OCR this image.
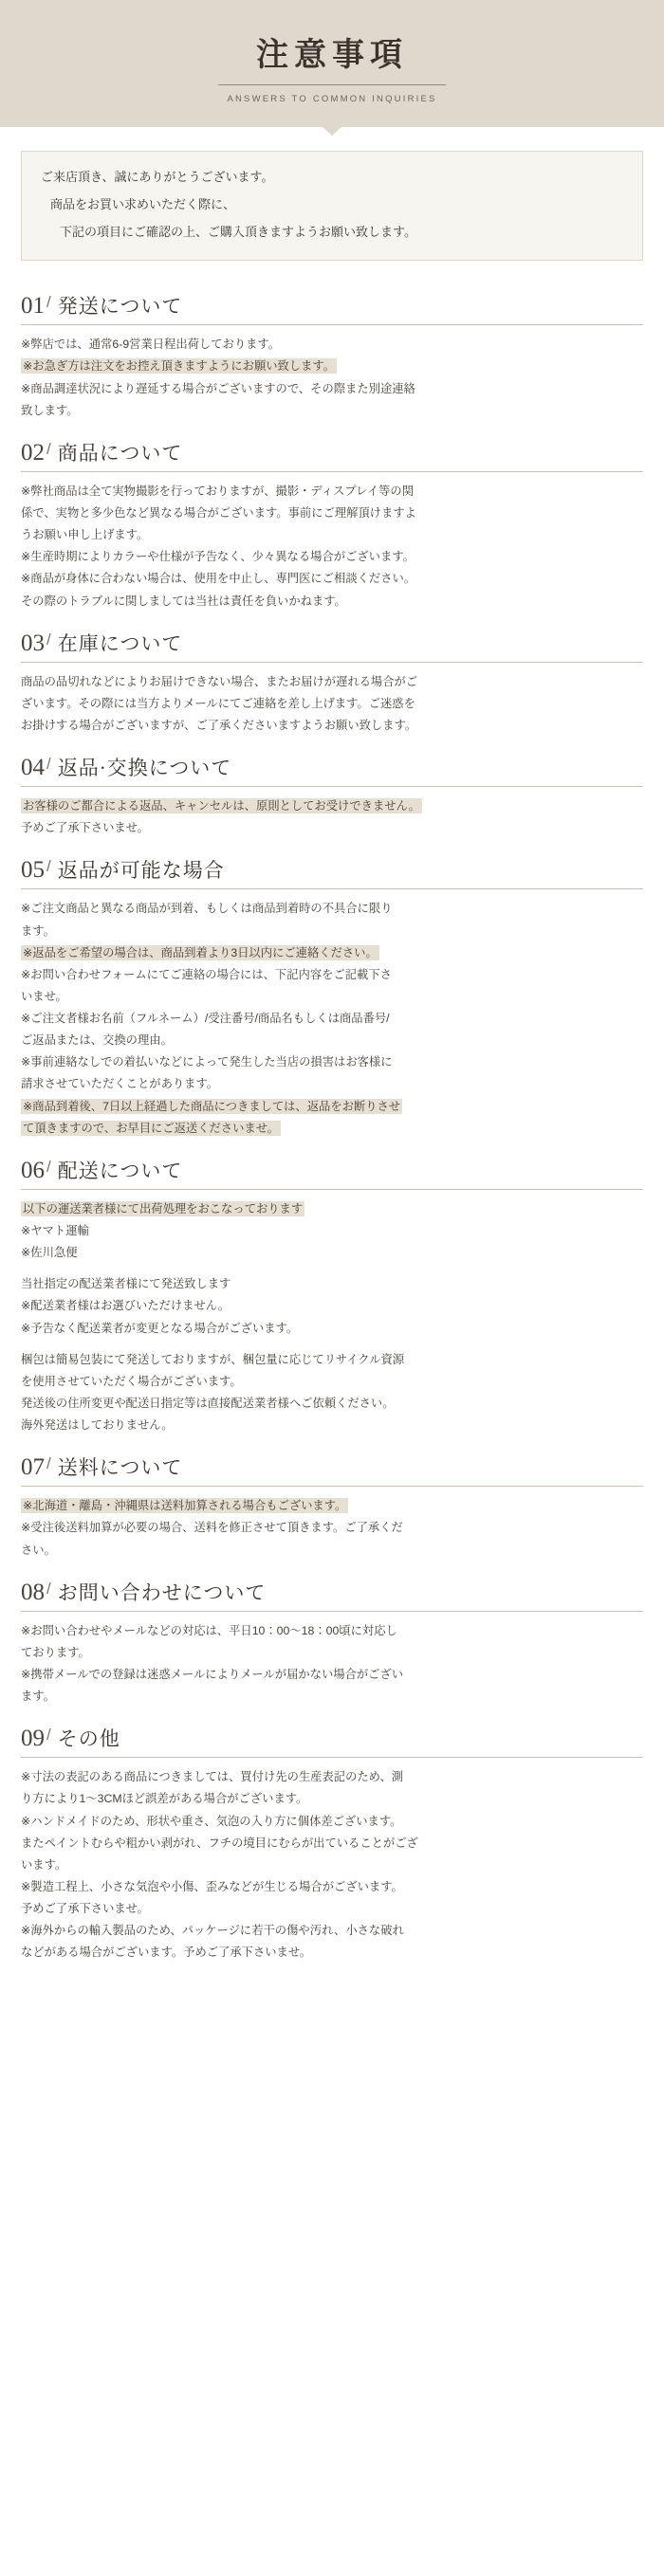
注意事項

ANSWERS TO COMMON INQUIRIES

ご来店頂き、誠にありがとうございます。

商品をお買い求めいただく際に、

下記の項目にご確認の上、ご購入頂きますようお願い致します。

01 / 発送について

※弊店では、通常6-9営業日程出荷しております。

※お急ぎ方は注文をお控え頂きますようにお願い致します。

※商品調達状況により遅延する場合がございますので、その際また別途連絡

致します。

02 / 商品について

※弊社商品は全て実物撮影を行っておりますが、撮影・ディスプレイ等の関

係で、実物と多少色など異なる場合がございます。事前にご理解頂けますよ

うお願い申し上げます。

※生産時期によりカラーや仕様が予告なく、少々異なる場合がございます。

※商品が身体に合わない場合は、使用を中止し、専門医にご相談ください。

その際のトラブルに関しましては当社は責任を負いかねます。

03 / 在庫について

商品の品切れなどによりお届けできない場合、またお届けが遅れる場合がご

ざいます。その際には当方よりメールにてご連絡を差し上げます。ご迷惑を

お掛けする場合がございますが、ご了承くださいますようお願い致します。

04 / 返品·交換について

お客様のご都合による返品、キャンセルは、原則としてお受けできません。

予めご了承下さいませ。

05 / 返品が可能な場合

※ご注文商品と異なる商品が到着、もしくは商品到着時の不具合に限り

ます。

※返品をご希望の場合は、商品到着より3日以内にご連絡ください。

※お問い合わせフォームにてご連絡の場合には、下記内容をご記載下さ

いませ。

※ご注文者様お名前（フルネーム）/受注番号/商品名もしくは商品番号/

ご返品または、交換の理由。

※事前連絡なしでの着払いなどによって発生した当店の損害はお客様に

請求させていただくことがあります。

※商品到着後、7日以上経過した商品につきましては、返品をお断りさせ

て頂きますので、お早目にご返送くださいませ。

06 / 配送について

以下の運送業者様にて出荷処理をおこなっております

※ヤマト運輸

※佐川急便

当社指定の配送業者様にて発送致します

※配送業者様はお選びいただけません。

※予告なく配送業者が変更となる場合がございます。

梱包は簡易包装にて発送しておりますが、梱包量に応じてリサイクル資源

を使用させていただく場合がございます。

発送後の住所変更や配送日指定等は直接配送業者様へご依頼ください。

海外発送はしておりません。

07 / 送料について

※北海道・離島・沖縄県は送料加算される場合もございます。

※受注後送料加算が必要の場合、送料を修正させて頂きます。ご了承くだ

さい。

08 / お問い合わせについて

※お問い合わせやメールなどの対応は、平日10：00～18：00頃に対応し

ております。

※携帯メールでの登録は迷惑メールによりメールが届かない場合がござい

ます。

09 / その他

※寸法の表記のある商品につきましては、買付け先の生産表記のため、測

り方により1～3CMほど誤差がある場合がございます。

※ハンドメイドのため、形状や重さ、気泡の入り方に個体差ございます。

またペイントむらや粗かい剥がれ、フチの境目にむらが出ていることがござ

います。

※製造工程上、小さな気泡や小傷、歪みなどが生じる場合がございます。

予めご了承下さいませ。

※海外からの輸入製品のため、パッケージに若干の傷や汚れ、小さな破れ

などがある場合がございます。予めご了承下さいませ。
